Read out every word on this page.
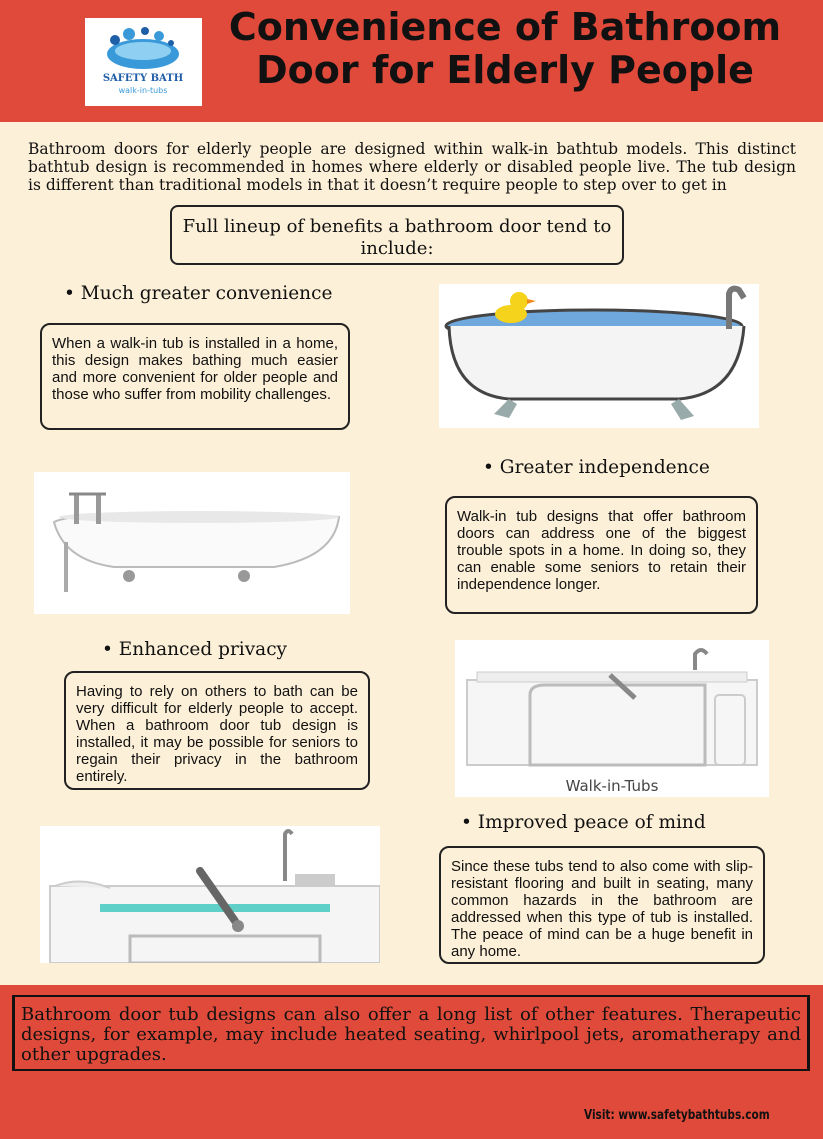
SAFETY BATH
walk-in-tubs
Convenience of Bathroom
Door for Elderly People

Bathroom doors for elderly people are designed within walk-in bathtub models. This distinct bathtub design is recommended in homes where elderly or disabled people live. The tub design is different than traditional models in that it doesn’t require people to step over to get in

Full lineup of benefits a bathroom door tend to include:
• Much greater convenience
When a walk-in tub is installed in a home, this design makes bathing much easier and more convenient for older people and those who suffer from mobility challenges.
• Greater independence
Walk-in tub designs that offer bathroom doors can address one of the biggest trouble spots in a home. In doing so, they can enable some seniors to retain their independence longer.
• Enhanced privacy
Having to rely on others to bath can be very difficult for elderly people to accept. When a bathroom door tub design is installed, it may be possible for seniors to regain their privacy in the bathroom entirely.
• Improved peace of mind
Since these tubs tend to also come with slip-resistant flooring and built in seating, many common hazards in the bathroom are addressed when this type of tub is installed. The peace of mind can be a huge benefit in any home.
Walk-in-Tubs
Bathroom door tub designs can also offer a long list of other features. Therapeutic designs, for example, may include heated seating, whirlpool jets, aromatherapy and other upgrades.
Visit: www.safetybathtubs.com
